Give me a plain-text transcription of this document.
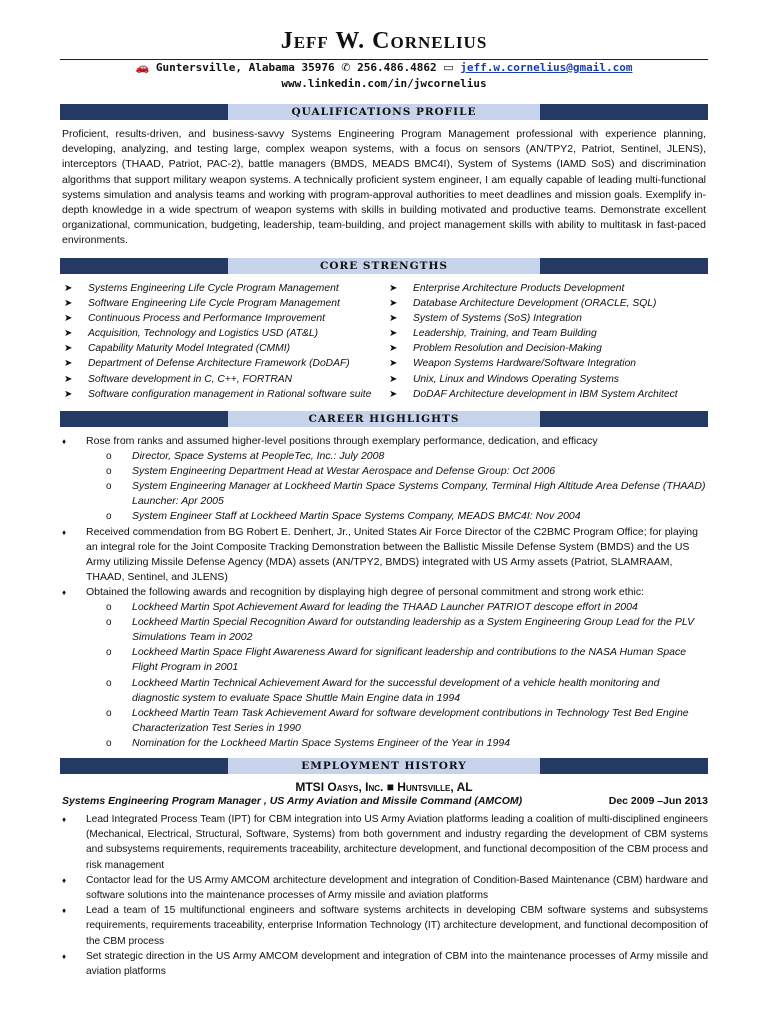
Jeff W. Cornelius
🚗 Guntersville, Alabama 35976 ✆ 256.486.4862 ▭ jeff.w.cornelius@gmail.com
www.linkedin.com/in/jwcornelius
QUALIFICATIONS PROFILE
Proficient, results-driven, and business-savvy Systems Engineering Program Management professional with experience planning, developing, analyzing, and testing large, complex weapon systems, with a focus on sensors (AN/TPY2, Patriot, Sentinel, JLENS), interceptors (THAAD, Patriot, PAC-2), battle managers (BMDS, MEADS BMC4I), System of Systems (IAMD SoS) and discrimination algorithms that support military weapon systems. A technically proficient system engineer, I am equally capable of leading multi-functional systems simulation and analysis teams and working with program-approval authorities to meet deadlines and mission goals. Exemplify in-depth knowledge in a wide spectrum of weapon systems with skills in building motivated and productive teams. Demonstrate excellent organizational, communication, budgeting, leadership, team-building, and project management skills with ability to multitask in fast-paced environments.
CORE STRENGTHS
➤ Systems Engineering Life Cycle Program Management
➤ Software Engineering Life Cycle Program Management
➤ Continuous Process and Performance Improvement
➤ Acquisition, Technology and Logistics USD (AT&L)
➤ Capability Maturity Model Integrated (CMMI)
➤ Department of Defense Architecture Framework (DoDAF)
➤ Software development in C, C++, FORTRAN
➤ Software configuration management in Rational software suite
➤ Enterprise Architecture Products Development
➤ Database Architecture Development (ORACLE, SQL)
➤ System of Systems (SoS) Integration
➤ Leadership, Training, and Team Building
➤ Problem Resolution and Decision-Making
➤ Weapon Systems Hardware/Software Integration
➤ Unix, Linux and Windows Operating Systems
➤ DoDAF Architecture development in IBM System Architect
CAREER HIGHLIGHTS
♦ Rose from ranks and assumed higher-level positions through exemplary performance, dedication, and efficacy
o Director, Space Systems at PeopleTec, Inc.: July 2008
o System Engineering Department Head at Westar Aerospace and Defense Group: Oct 2006
o System Engineering Manager at Lockheed Martin Space Systems Company, Terminal High Altitude Area Defense (THAAD) Launcher: Apr 2005
o System Engineer Staff at Lockheed Martin Space Systems Company, MEADS BMC4I: Nov 2004
♦ Received commendation from BG Robert E. Denhert, Jr., United States Air Force Director of the C2BMC Program Office; for playing an integral role for the Joint Composite Tracking Demonstration between the Ballistic Missile Defense System (BMDS) and the US Army utilizing Missile Defense Agency (MDA) assets (AN/TPY2, BMDS) integrated with US Army assets (Patriot, SLAMRAAM, THAAD, Sentinel, and JLENS)
♦ Obtained the following awards and recognition by displaying high degree of personal commitment and strong work ethic:
o Lockheed Martin Spot Achievement Award for leading the THAAD Launcher PATRIOT descope effort in 2004
o Lockheed Martin Special Recognition Award for outstanding leadership as a System Engineering Group Lead for the PLV Simulations Team in 2002
o Lockheed Martin Space Flight Awareness Award for significant leadership and contributions to the NASA Human Space Flight Program in 2001
o Lockheed Martin Technical Achievement Award for the successful development of a vehicle health monitoring and diagnostic system to evaluate Space Shuttle Main Engine data in 1994
o Lockheed Martin Team Task Achievement Award for software development contributions in Technology Test Bed Engine Characterization Test Series in 1990
o Nomination for the Lockheed Martin Space Systems Engineer of the Year in 1994
EMPLOYMENT HISTORY
MTSI Oasys, Inc. ■ Huntsville, AL
Systems Engineering Program Manager , US Army Aviation and Missile Command (AMCOM)	Dec 2009 –Jun 2013
♦ Lead Integrated Process Team (IPT) for CBM integration into US Army Aviation platforms leading a coalition of multi-disciplined engineers (Mechanical, Electrical, Structural, Software, Systems) from both government and industry regarding the development of CBM systems and subsystems requirements, requirements traceability, architecture development, and functional decomposition of the CBM process and risk management
♦ Contactor lead for the US Army AMCOM architecture development and integration of Condition-Based Maintenance (CBM) hardware and software solutions into the maintenance processes of Army missile and aviation platforms
♦ Lead a team of 15 multifunctional engineers and software systems architects in developing CBM software systems and subsystems requirements, requirements traceability, enterprise Information Technology (IT) architecture development, and functional decomposition of the CBM process
♦ Set strategic direction in the US Army AMCOM development and integration of CBM into the maintenance processes of Army missile and aviation platforms
